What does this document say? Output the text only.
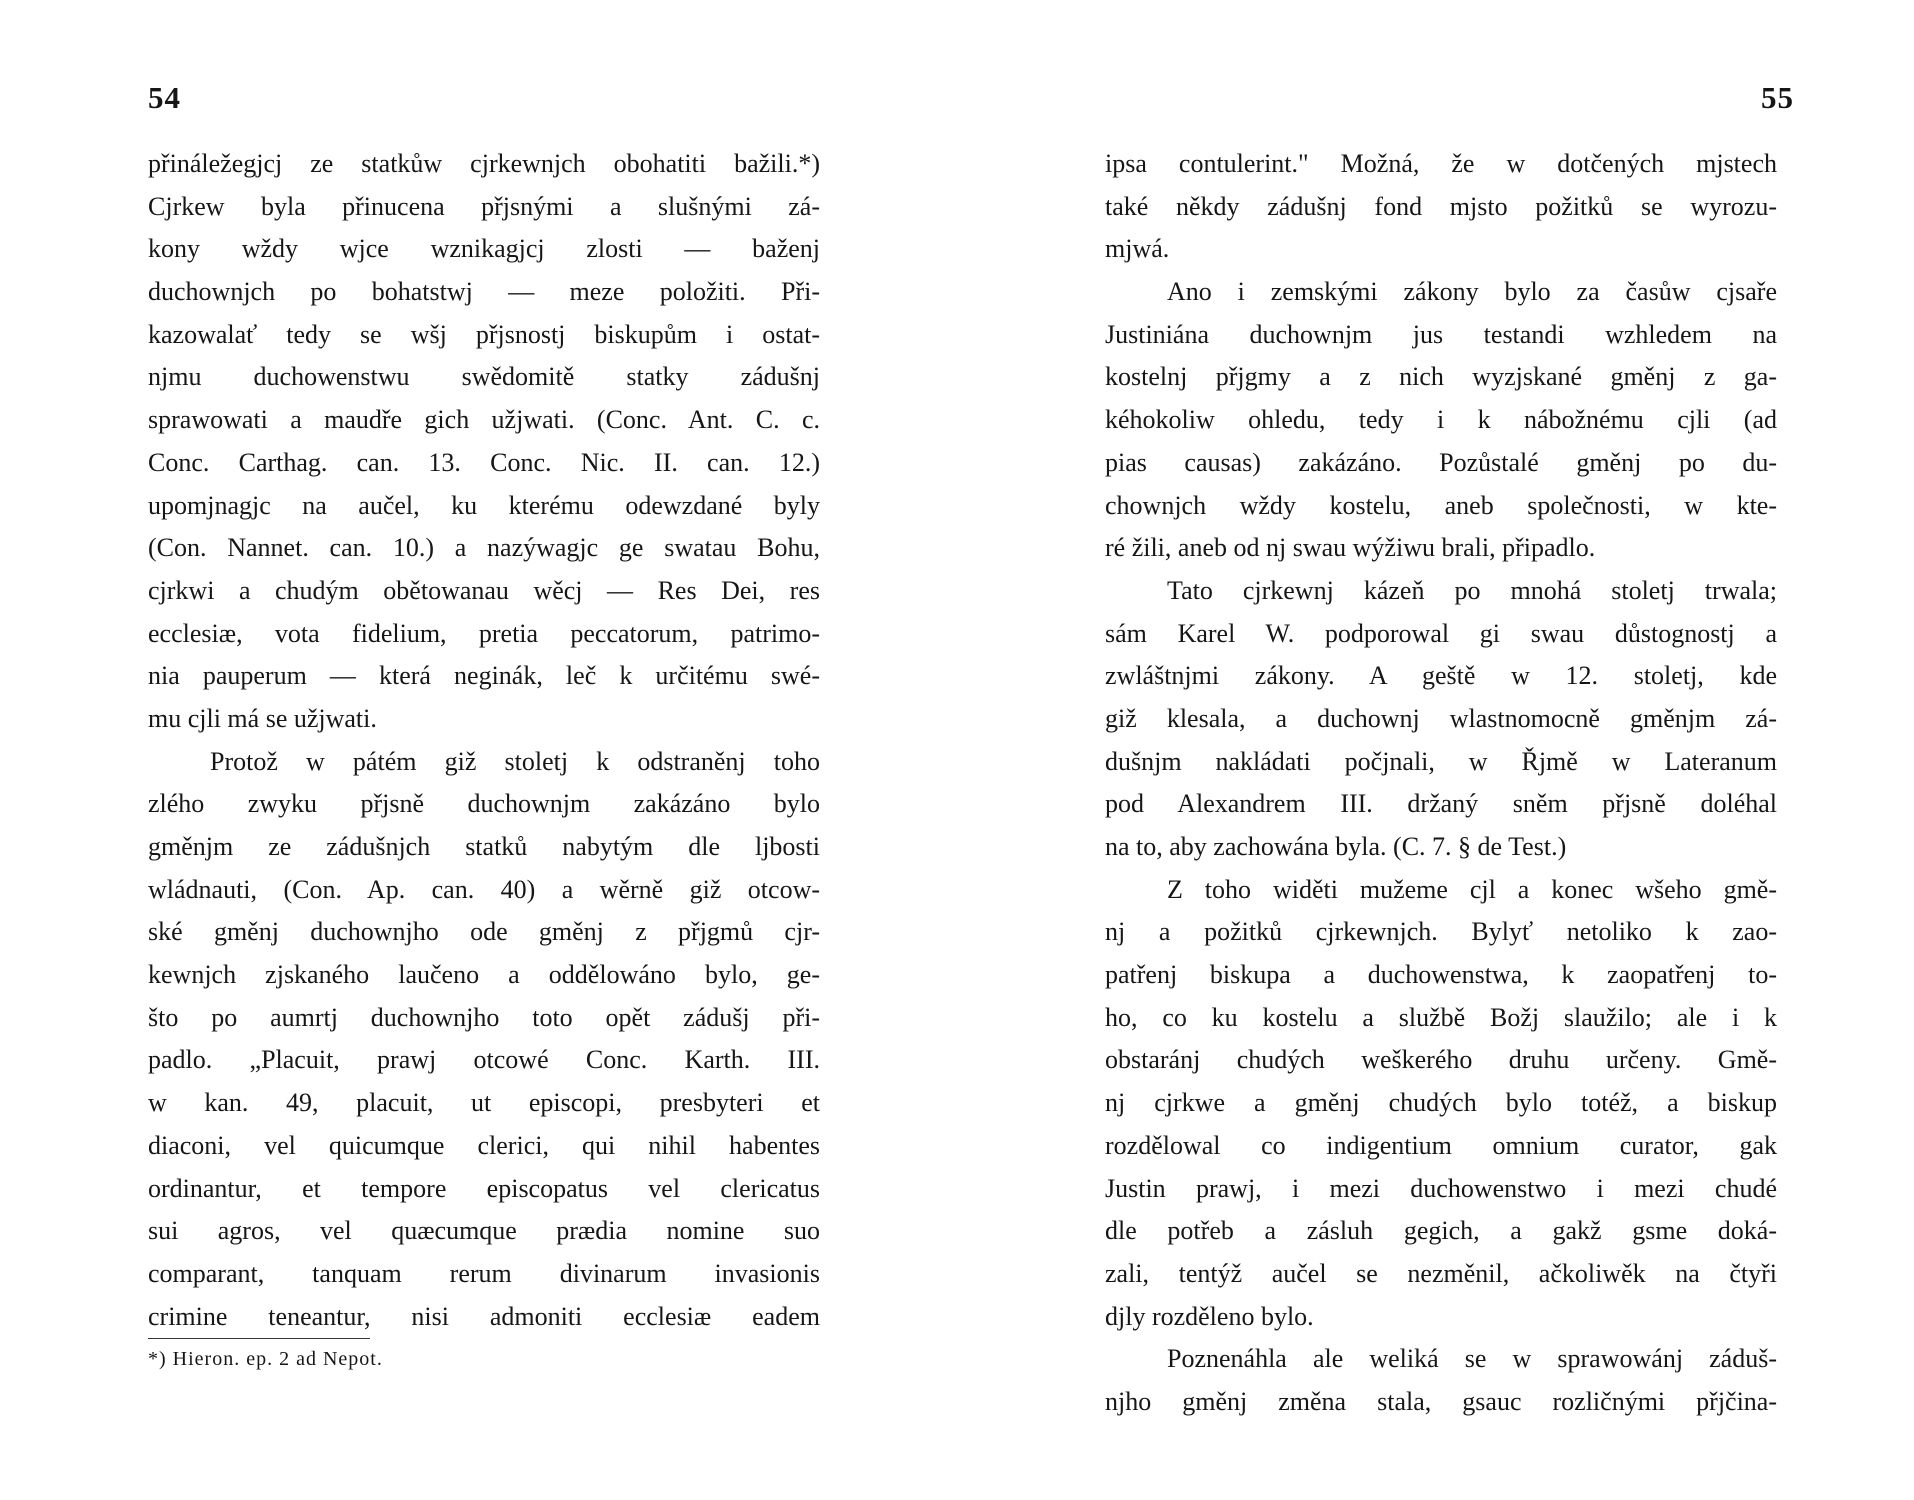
54
přináležegjcj ze statkůw cjrkewnjch obohatiti bažili.*)
Cjrkew byla přinucena přjsnými a slušnými zá-
kony wždy wjce wznikagjcj zlosti — baženj
duchownjch po bohatstwj — meze položiti. Při-
kazowalať tedy se wšj přjsnostj biskupům i ostat-
njmu duchowenstwu swědomitě statky zádušnj
sprawowati a maudře gich užjwati. (Conc. Ant. C. c.
Conc. Carthag. can. 13. Conc. Nic. II. can. 12.)
upomjnagjc na aučel, ku kterému odewzdané byly
(Con. Nannet. can. 10.) a nazýwagjc ge swatau Bohu,
cjrkwi a chudým obětowanau wěcj — Res Dei, res
ecclesiæ, vota fidelium, pretia peccatorum, patrimo-
nia pauperum — která neginák, leč k určitému swé-
mu cjli má se užjwati.
Protož w pátém giž stoletj k odstraněnj toho
zlého zwyku přjsně duchownjm zakázáno bylo
gměnjm ze zádušnjch statků nabytým dle ljbosti
wládnauti, (Con. Ap. can. 40) a wěrně giž otcow-
ské gměnj duchownjho ode gměnj z přjgmů cjr-
kewnjch zjskaného laučeno a oddělowáno bylo, ge-
što po aumrtj duchownjho toto opět zádušj při-
padlo. „Placuit, prawj otcowé Conc. Karth. III.
w kan. 49, placuit, ut episcopi, presbyteri et
diaconi, vel quicumque clerici, qui nihil habentes
ordinantur, et tempore episcopatus vel clericatus
sui agros, vel quæcumque prædia nomine suo
comparant, tanquam rerum divinarum invasionis
crimine teneantur, nisi admoniti ecclesiæ eadem
*) Hieron. ep. 2 ad Nepot.
55
ipsa contulerint." Možná, že w dotčených mjstech
také někdy zádušnj fond mjsto požitků se wyrozu-
mjwá.
Ano i zemskými zákony bylo za časůw cjsaře
Justiniána duchownjm jus testandi wzhledem na
kostelnj přjgmy a z nich wyzjskané gměnj z ga-
kéhokoliw ohledu, tedy i k nábožnému cjli (ad
pias causas) zakázáno. Pozůstalé gměnj po du-
chownjch wždy kostelu, aneb společnosti, w kte-
ré žili, aneb od nj swau wýžiwu brali, připadlo.
Tato cjrkewnj kázeň po mnohá stoletj trwala;
sám Karel W. podporowal gi swau důstognostj a
zwláštnjmi zákony. A geště w 12. stoletj, kde
giž klesala, a duchownj wlastnomocně gměnjm zá-
dušnjm nakládati počjnali, w Řjmě w Lateranum
pod Alexandrem III. držaný sněm přjsně doléhal
na to, aby zachowána byla. (C. 7. § de Test.)
Z toho widěti mužeme cjl a konec wšeho gmě-
nj a požitků cjrkewnjch. Bylyť netoliko k zao-
patřenj biskupa a duchowenstwa, k zaopatřenj to-
ho, co ku kostelu a službě Božj slaužilo; ale i k
obstaránj chudých weškerého druhu určeny. Gmě-
nj cjrkwe a gměnj chudých bylo totéž, a biskup
rozdělowal co indigentium omnium curator, gak
Justin prawj, i mezi duchowenstwo i mezi chudé
dle potřeb a zásluh gegich, a gakž gsme doká-
zali, tentýž aučel se nezměnil, ačkoliwěk na čtyři
djly rozděleno bylo.
Poznenáhla ale weliká se w sprawowánj záduš-
njho gměnj změna stala, gsauc rozličnými přjčina-
